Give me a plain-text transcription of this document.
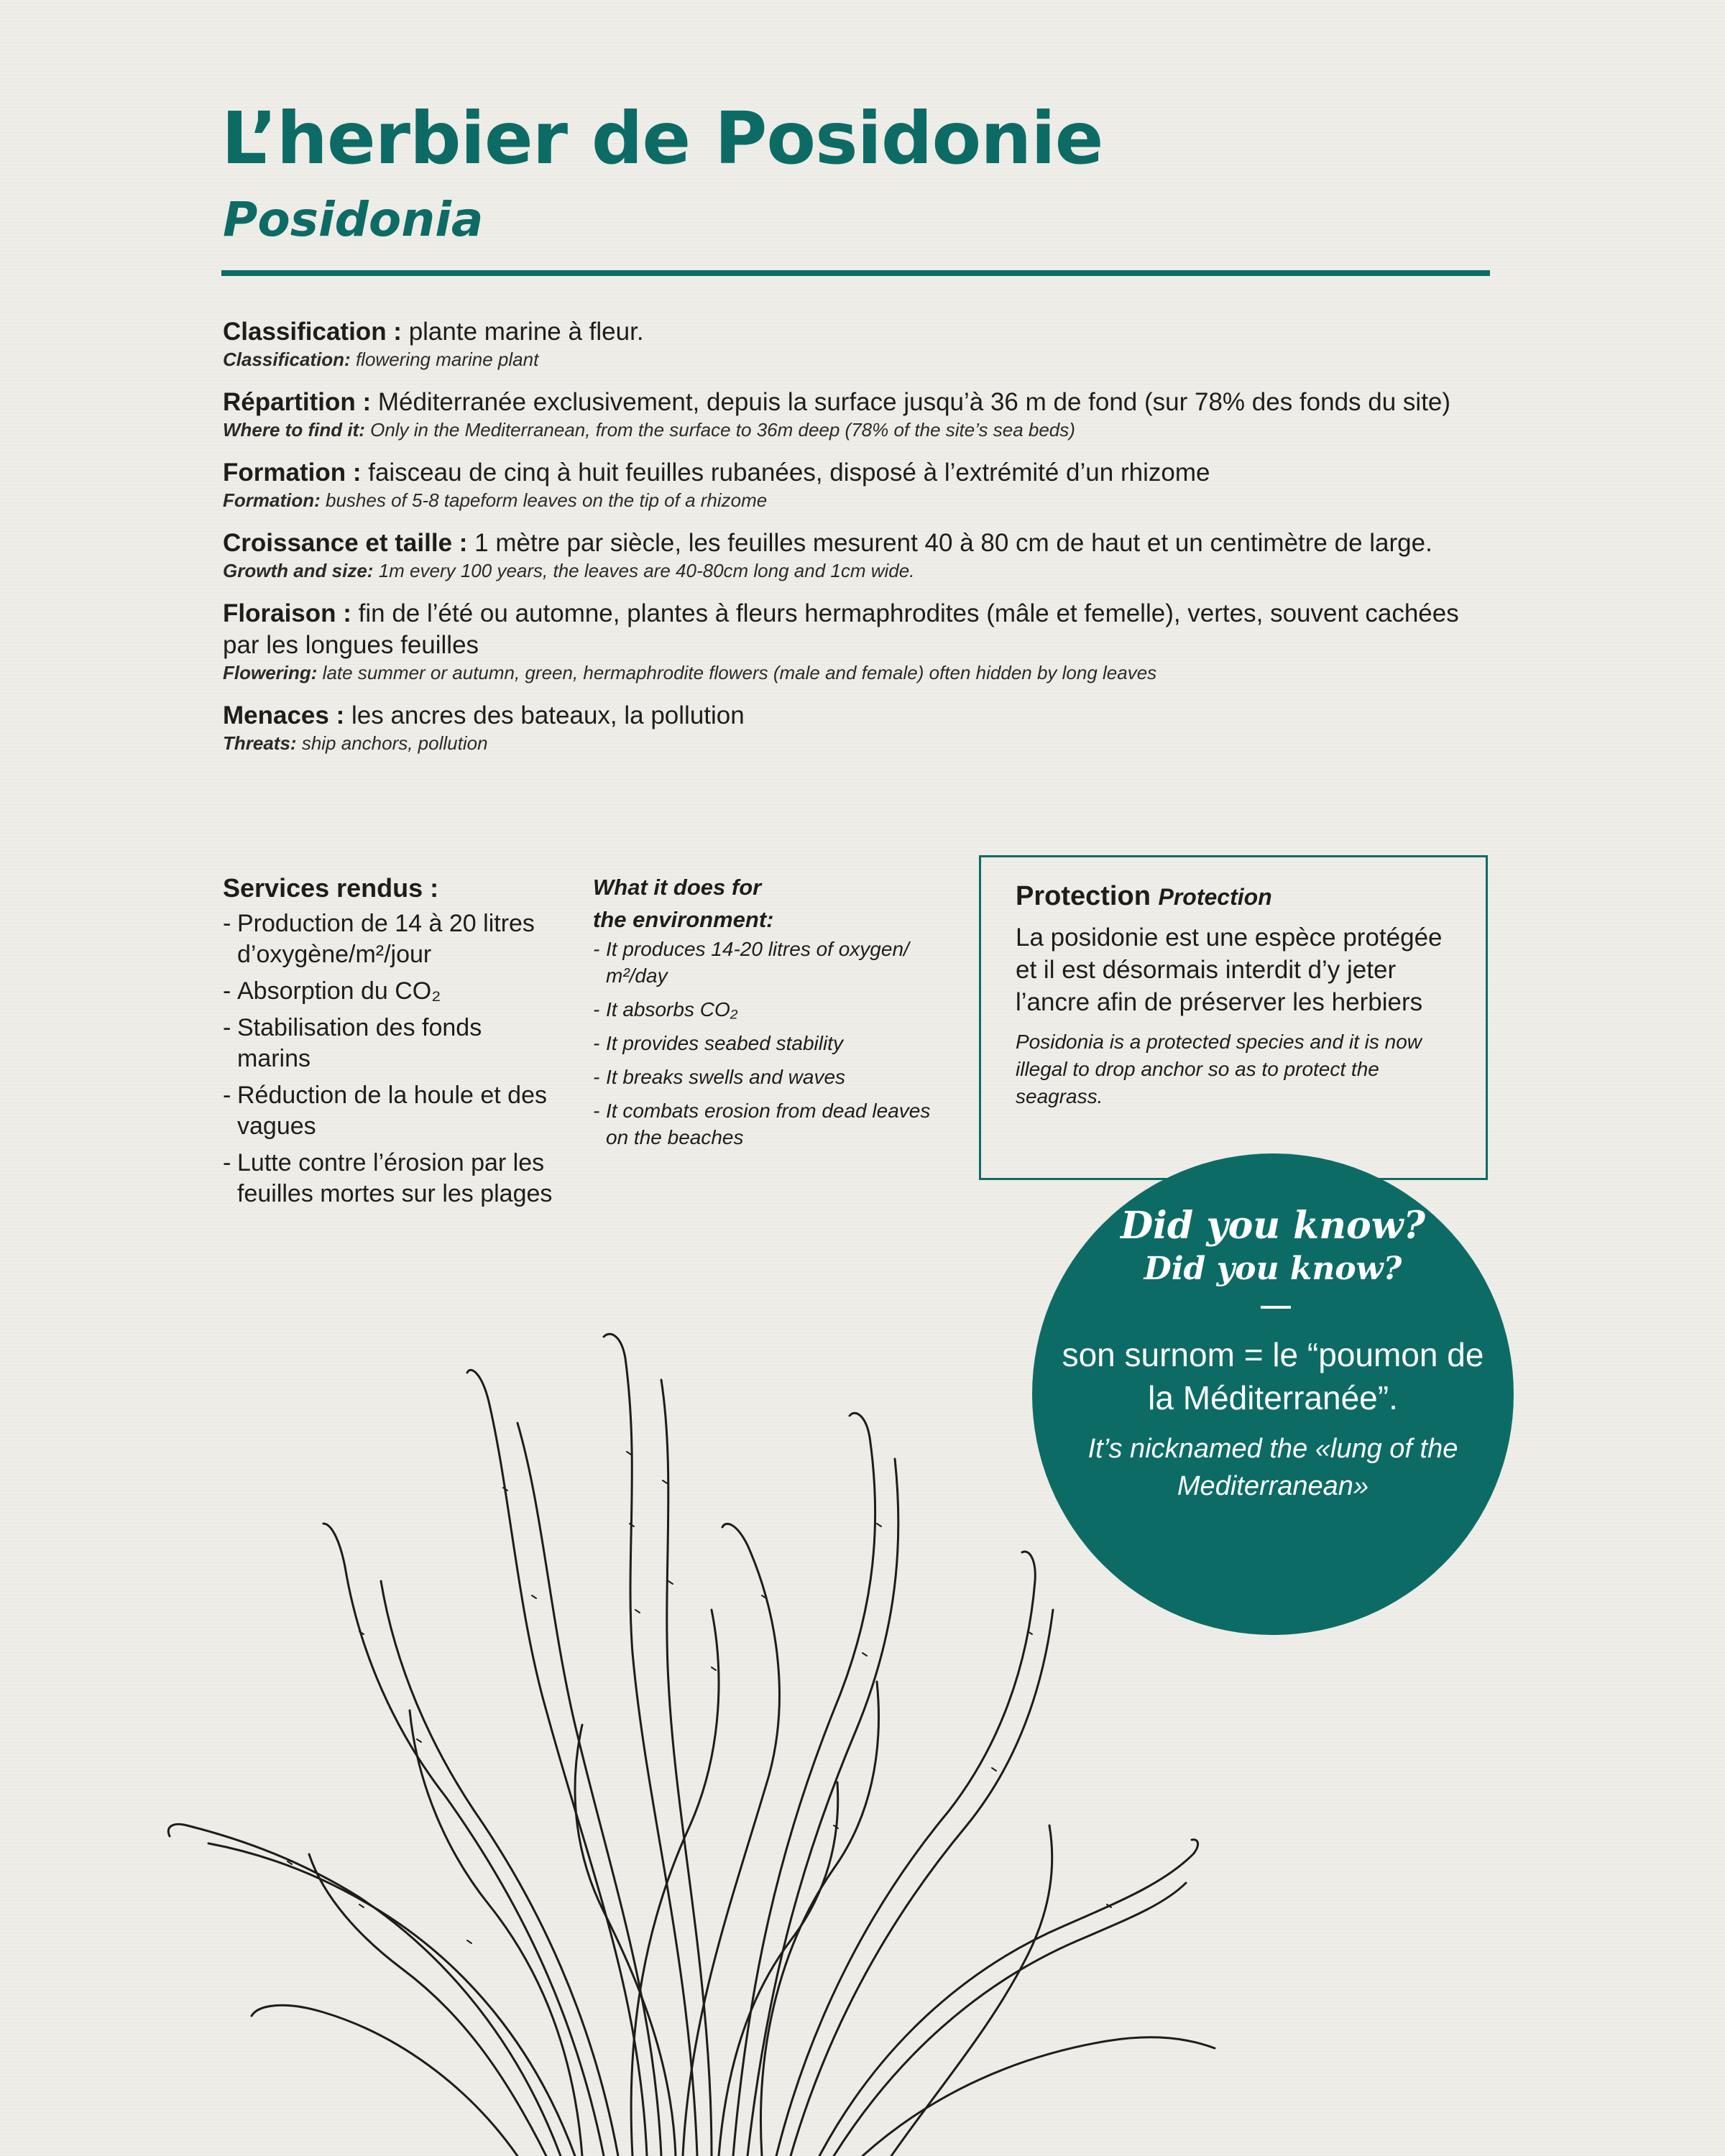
L’herbier de Posidonie
Posidonia
Classification : plante marine à fleur.
Classification: flowering marine plant
Répartition : Méditerranée exclusivement, depuis la surface jusqu’à 36 m de fond (sur 78% des fonds du site)
Where to find it: Only in the Mediterranean, from the surface to 36m deep (78% of the site’s sea beds)
Formation : faisceau de cinq à huit feuilles rubanées, disposé à l’extrémité d’un rhizome
Formation: bushes of 5-8 tapeform leaves on the tip of a rhizome
Croissance et taille : 1 mètre par siècle, les feuilles mesurent 40 à 80 cm de haut et un centimètre de large.
Growth and size: 1m every 100 years, the leaves are 40-80cm long and 1cm wide.
Floraison : fin de l’été ou automne, plantes à fleurs hermaphrodites (mâle et femelle), vertes, souvent cachées par les longues feuilles
Flowering: late summer or autumn, green, hermaphrodite flowers (male and female) often hidden by long leaves
Menaces : les ancres des bateaux, la pollution
Threats: ship anchors, pollution
Services rendus :
- Production de 14 à 20 litres d’oxygène/m²/jour
- Absorption du CO₂
- Stabilisation des fonds marins
- Réduction de la houle et des vagues
- Lutte contre l’érosion par les feuilles mortes sur les plages
What it does for the environment:
- It produces 14-20 litres of oxygen/ m²/day
- It absorbs CO₂
- It provides seabed stability
- It breaks swells and waves
- It combats erosion from dead leaves on the beaches
Protection Protection
La posidonie est une espèce protégée et il est désormais interdit d’y jeter l’ancre afin de préserver les herbiers
Posidonia is a protected species and it is now illegal to drop anchor so as to protect the seagrass.
Did you know?
Did you know?
son surnom = le “poumon de la Méditerranée”.
It’s nicknamed the «lung of the Mediterranean»
